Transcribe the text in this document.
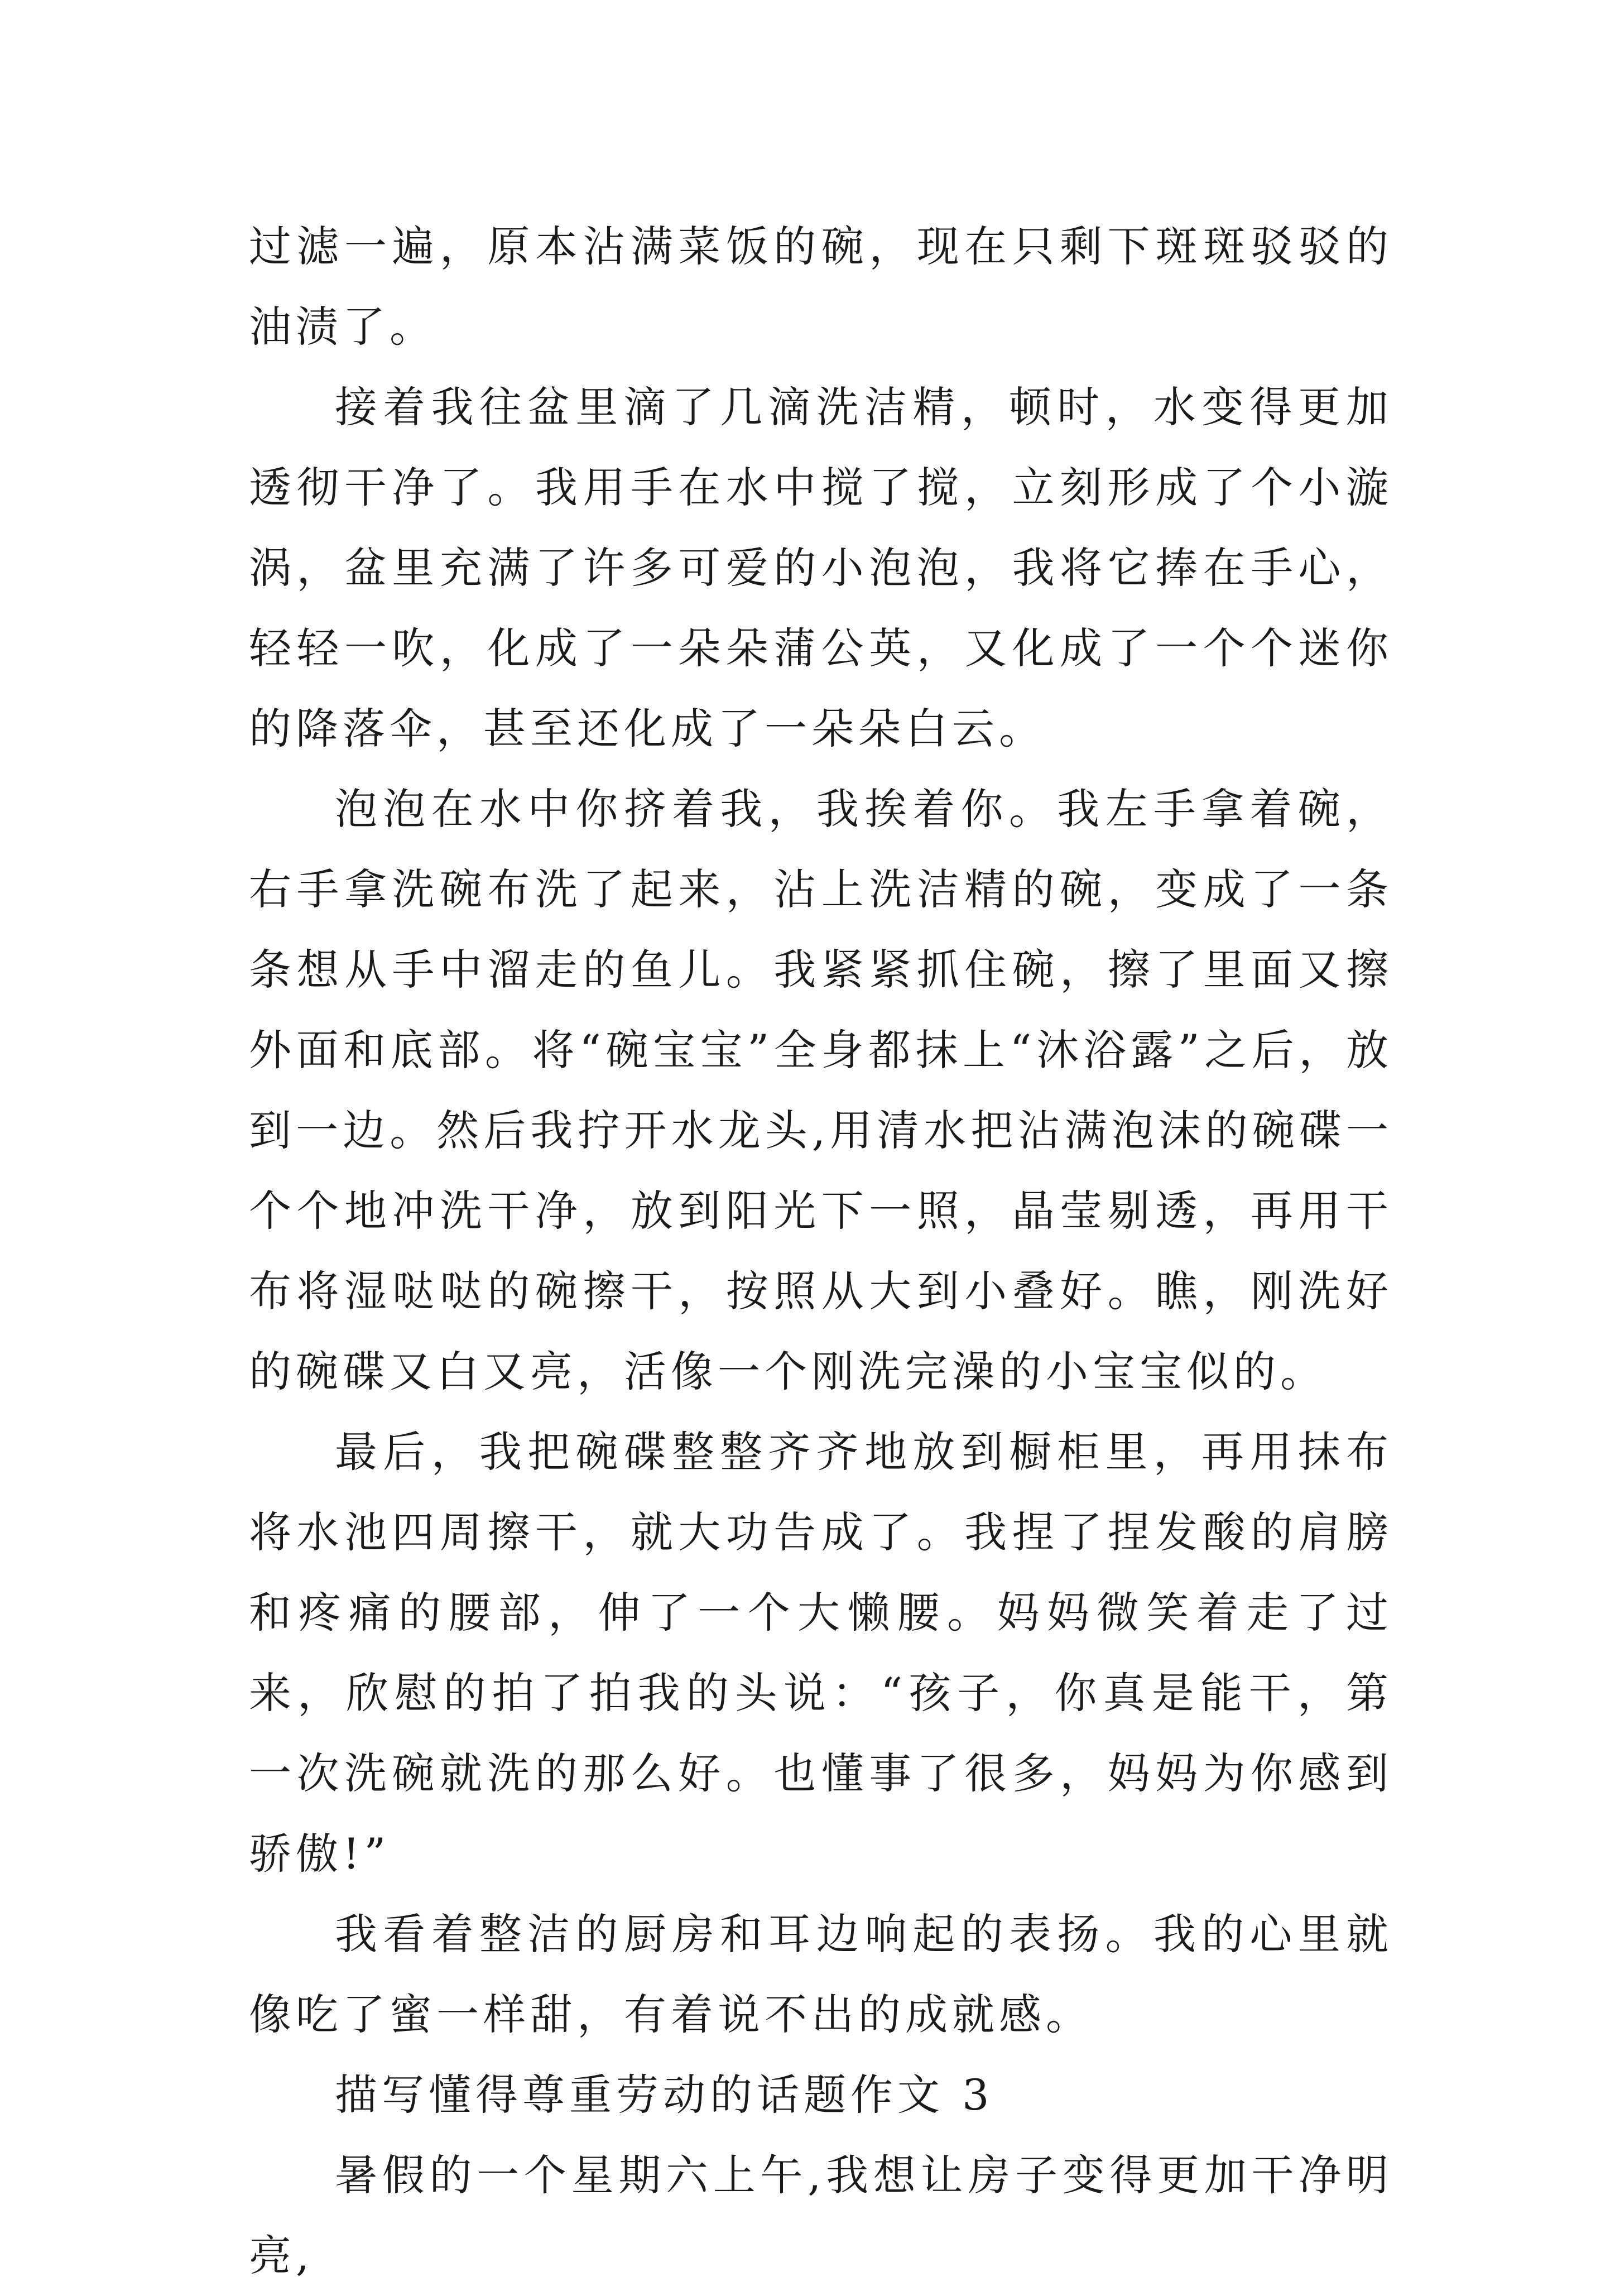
过滤一遍，原本沾满菜饭的碗，现在只剩下斑斑驳驳的油渍了。

接着我往盆里滴了几滴洗洁精，顿时，水变得更加透彻干净了。我用手在水中搅了搅，立刻形成了个小漩涡，盆里充满了许多可爱的小泡泡，我将它捧在手心，轻轻一吹，化成了一朵朵蒲公英，又化成了一个个迷你的降落伞，甚至还化成了一朵朵白云。

泡泡在水中你挤着我，我挨着你。我左手拿着碗，右手拿洗碗布洗了起来，沾上洗洁精的碗，变成了一条条想从手中溜走的鱼儿。我紧紧抓住碗，擦了里面又擦外面和底部。将“碗宝宝”全身都抹上“沐浴露”之后，放到一边。然后我拧开水龙头,用清水把沾满泡沫的碗碟一个个地冲洗干净，放到阳光下一照，晶莹剔透，再用干布将湿哒哒的碗擦干，按照从大到小叠好。瞧，刚洗好的碗碟又白又亮，活像一个刚洗完澡的小宝宝似的。

最后，我把碗碟整整齐齐地放到橱柜里，再用抹布将水池四周擦干，就大功告成了。我捏了捏发酸的肩膀和疼痛的腰部，伸了一个大懒腰。妈妈微笑着走了过来，欣慰的拍了拍我的头说：“孩子，你真是能干，第一次洗碗就洗的那么好。也懂事了很多，妈妈为你感到骄傲!”

我看着整洁的厨房和耳边响起的表扬。我的心里就像吃了蜜一样甜，有着说不出的成就感。

描写懂得尊重劳动的话题作文 3

暑假的一个星期六上午,我想让房子变得更加干净明亮,
